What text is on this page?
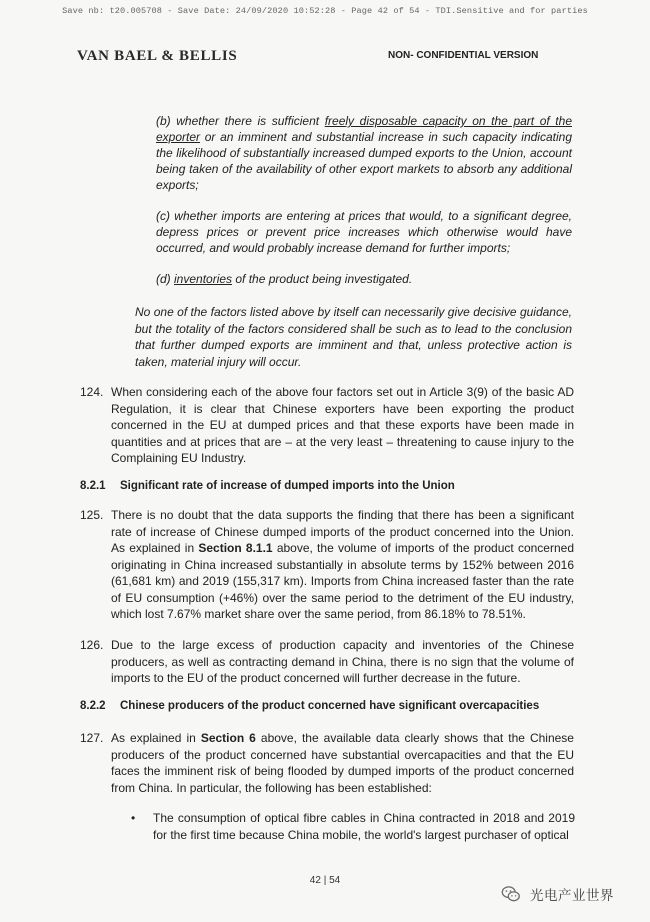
Save nb: t20.005708 - Save Date: 24/09/2020 10:52:28 - Page 42 of 54 - TDI.Sensitive and for parties
VAN BAEL & BELLIS	NON- CONFIDENTIAL VERSION
(b) whether there is sufficient freely disposable capacity on the part of the exporter or an imminent and substantial increase in such capacity indicating the likelihood of substantially increased dumped exports to the Union, account being taken of the availability of other export markets to absorb any additional exports;
(c) whether imports are entering at prices that would, to a significant degree, depress prices or prevent price increases which otherwise would have occurred, and would probably increase demand for further imports;
(d) inventories of the product being investigated.
No one of the factors listed above by itself can necessarily give decisive guidance, but the totality of the factors considered shall be such as to lead to the conclusion that further dumped exports are imminent and that, unless protective action is taken, material injury will occur.
124. When considering each of the above four factors set out in Article 3(9) of the basic AD Regulation, it is clear that Chinese exporters have been exporting the product concerned in the EU at dumped prices and that these exports have been made in quantities and at prices that are – at the very least – threatening to cause injury to the Complaining EU Industry.
8.2.1 Significant rate of increase of dumped imports into the Union
125. There is no doubt that the data supports the finding that there has been a significant rate of increase of Chinese dumped imports of the product concerned into the Union. As explained in Section 8.1.1 above, the volume of imports of the product concerned originating in China increased substantially in absolute terms by 152% between 2016 (61,681 km) and 2019 (155,317 km). Imports from China increased faster than the rate of EU consumption (+46%) over the same period to the detriment of the EU industry, which lost 7.67% market share over the same period, from 86.18% to 78.51%.
126. Due to the large excess of production capacity and inventories of the Chinese producers, as well as contracting demand in China, there is no sign that the volume of imports to the EU of the product concerned will further decrease in the future.
8.2.2 Chinese producers of the product concerned have significant overcapacities
127. As explained in Section 6 above, the available data clearly shows that the Chinese producers of the product concerned have substantial overcapacities and that the EU faces the imminent risk of being flooded by dumped imports of the product concerned from China. In particular, the following has been established:
• The consumption of optical fibre cables in China contracted in 2018 and 2019 for the first time because China mobile, the world's largest purchaser of optical
42 | 54
光电产业世界
